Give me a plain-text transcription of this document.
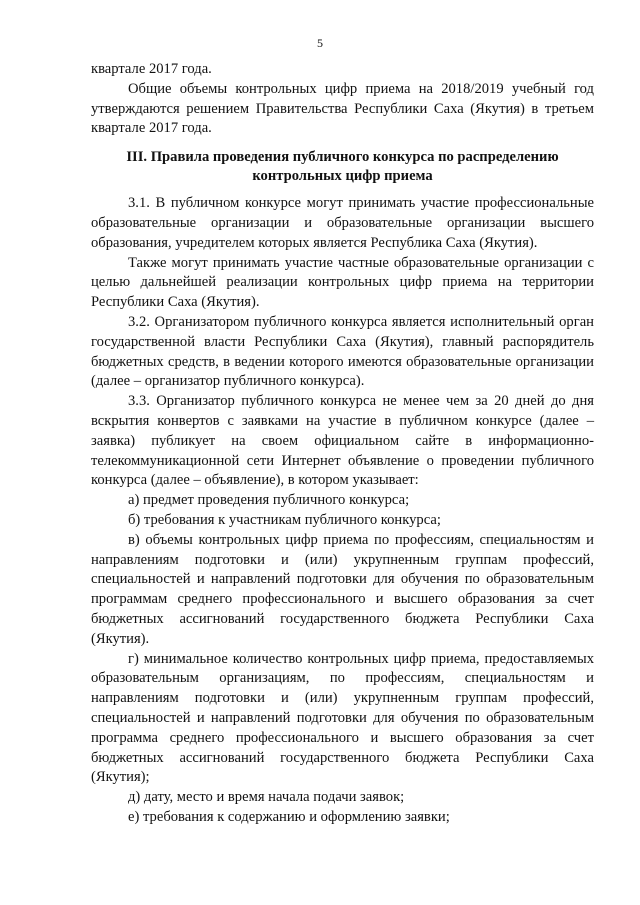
5

кварталe 2017 года.

Общие объемы контрольных цифр приема на 2018/2019 учебный год утверждаются решением Правительства Республики Саха (Якутия) в третьем квартале 2017 года.

III. Правила проведения публичного конкурса по распределению контрольных цифр приема

3.1. В публичном конкурсе могут принимать участие профессиональные образовательные организации и образовательные организации высшего образования, учредителем которых является Республика Саха (Якутия).

Также могут принимать участие частные образовательные организации с целью дальнейшей реализации контрольных цифр приема на территории Республики Саха (Якутия).

3.2. Организатором публичного конкурса является исполнительный орган государственной власти Республики Саха (Якутия), главный распорядитель бюджетных средств, в ведении которого имеются образовательные организации (далее – организатор публичного конкурса).

3.3. Организатор публичного конкурса не менее чем за 20 дней до дня вскрытия конвертов с заявками на участие в публичном конкурсе (далее – заявка) публикует на своем официальном сайте в информационно-телекоммуникационной сети Интернет объявление о проведении публичного конкурса (далее – объявление), в котором указывает:

а) предмет проведения публичного конкурса;

б) требования к участникам публичного конкурса;

в) объемы контрольных цифр приема по профессиям, специальностям и направлениям подготовки и (или) укрупненным группам профессий, специальностей и направлений подготовки для обучения по образовательным программам среднего профессионального и высшего образования за счет бюджетных ассигнований государственного бюджета Республики Саха (Якутия).

г) минимальное количество контрольных цифр приема, предоставляемых образовательным организациям, по профессиям, специальностям и направлениям подготовки и (или) укрупненным группам профессий, специальностей и направлений подготовки для обучения по образовательным программа среднего профессионального и высшего образования за счет бюджетных ассигнований государственного бюджета Республики Саха (Якутия);

д) дату, место и время начала подачи заявок;

е) требования к содержанию и оформлению заявки;
